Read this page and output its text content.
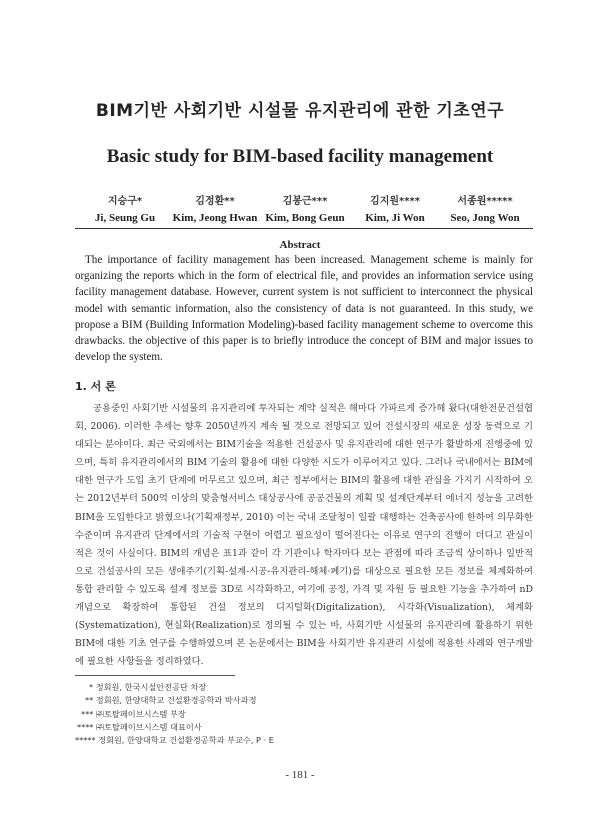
BIM기반 사회기반 시설물 유지관리에 관한 기초연구
Basic study for BIM-based facility management
지승구*
Ji, Seung Gu
김정환**
Kim, Jeong Hwan
김봉근***
Kim, Bong Geun
김지원****
Kim, Ji Won
서종원*****
Seo, Jong Won
Abstract
The importance of facility management has been increased. Management scheme is mainly for organizing the reports which in the form of electrical file, and provides an information service using facility management database. However, current system is not sufficient to interconnect the physical model with semantic information, also the consistency of data is not guaranteed. In this study, we propose a BIM (Building Information Modeling)-based facility management scheme to overcome this drawbacks. the objective of this paper is to briefly introduce the concept of BIM and major issues to develop the system.
1. 서 론
공용중인 사회기반 시설물의 유지관리에 투자되는 계약 실적은 해마다 가파르게 증가해 왔다(대한전문건설협회, 2006). 이러한 추세는 향후 2050년까지 계속 될 것으로 전망되고 있어 건설시장의 새로운 성장 동력으로 기대되는 분야이다. 최근 국외에서는 BIM기술을 적용한 건설공사 및 유지관리에 대한 연구가 활발하게 진행중에 있으며, 특히 유지관리에서의 BIM 기술의 활용에 대한 다양한 시도가 이루어지고 있다. 그러나 국내에서는 BIM에 대한 연구가 도입 초기 단계에 머무르고 있으며, 최근 정부에서는 BIM의 활용에 대한 관심을 가지기 시작하여 오는 2012년부터 500억 이상의 맞춤형서비스 대상공사에 공공건물의 계획 및 설계단계부터 에너지 성능을 고려한 BIM을 도입한다고 밝혔으나(기획재정부, 2010) 이는 국내 조달청이 일괄 대행하는 건축공사에 한하여 의무화한 수준이며 유지관리 단계에서의 기술적 구현이 어렵고 필요성이 떨어진다는 이유로 연구의 진행이 더디고 관심이 적은 것이 사실이다. BIM의 개념은 표1과 같이 각 기관이나 학자마다 보는 관점에 따라 조금씩 상이하나 일반적으로 건설공사의 모든 생애주기(기획-설계-시공-유지관리-해체·폐기)를 대상으로 필요한 모든 정보를 체계화하여 통합 관리할 수 있도록 설계 정보를 3D로 시각화하고, 여기에 공정, 가격 및 자원 등 필요한 기능을 추가하여 nD개념으로 확장하여 통합된 건설 정보의 디지털화(Digitalization), 시각화(Visualization), 체계화(Systematization), 현실화(Realization)로 정의될 수 있는 바, 사회기반 시설물의 유지관리에 활용하기 위한 BIM에 대한 기초 연구를 수행하였으며 본 논문에서는 BIM을 사회기반 유지관리 시설에 적용한 사례와 연구개발에 필요한 사항들을 정리하였다.
* 정회원, 한국시설안전공단 차장
** 정회원, 한양대학교 건설환경공학과 박사과정
*** ㈜토탈페이브시스템 부장
**** ㈜토탈페이브시스템 대표이사
***** 정회원, 한양대학교 건설환경공학과 부교수, P · E
- 181 -
